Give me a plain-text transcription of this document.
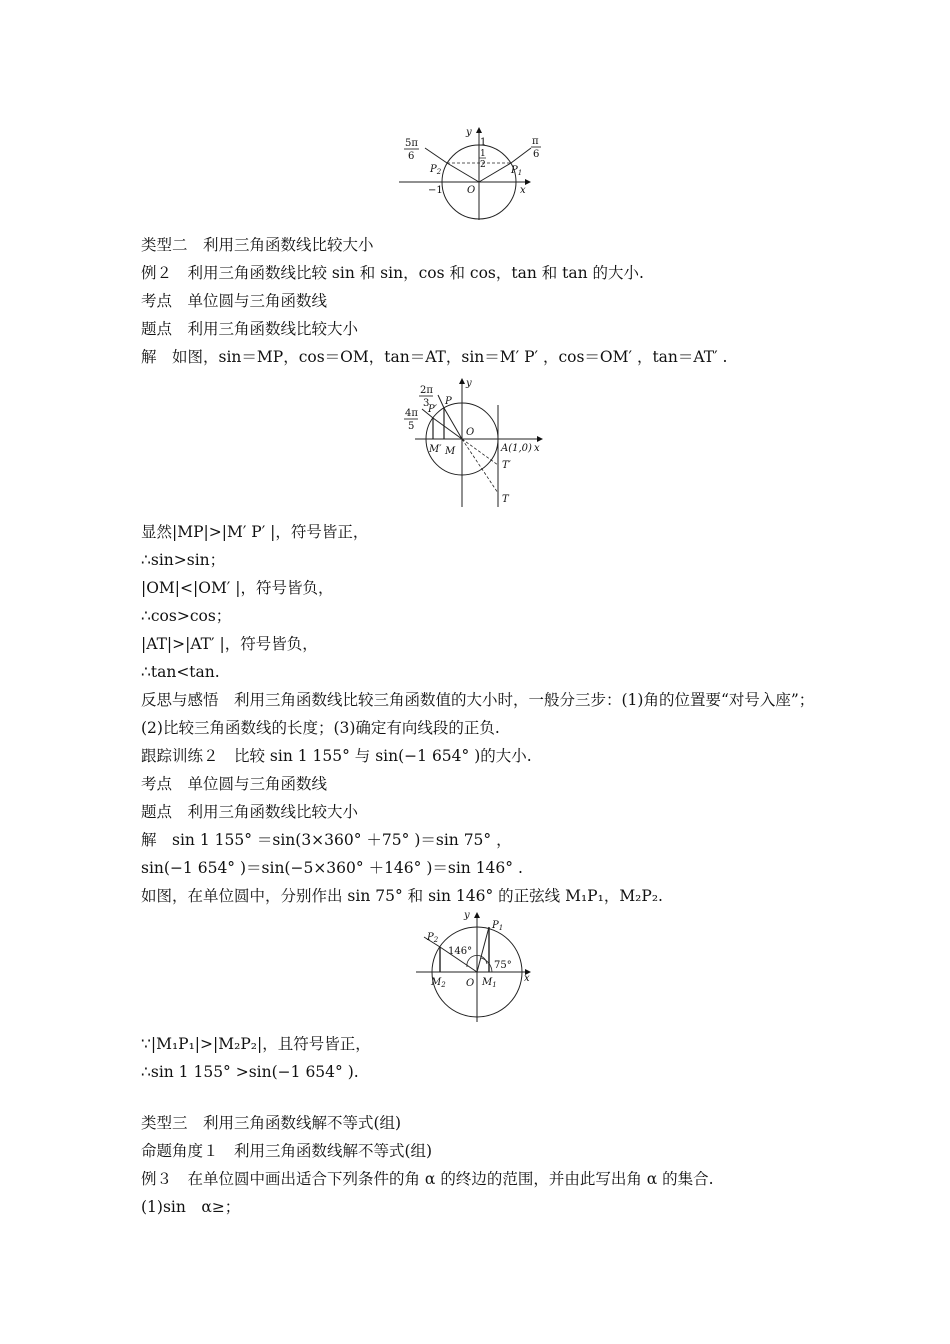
5π
6
π
6
1
1
2
$P_2$	$P_1$
−1 O	x
y
类型二　利用三角函数线比较大小
例２　利用三角函数线比较 sin 和 sin，cos 和 cos，tan 和 tan 的大小.
考点　单位圆与三角函数线
题点　利用三角函数线比较大小
解　如图，sin＝MP，cos＝OM，tan＝AT，sin＝M′ P′ ，cos＝OM′ ，tan＝AT′ .
2π
3
4π
5
P
P′
O
M′ M	A(1,0) x
y
T′
T
显然|MP|>|M′ P′ |，符号皆正，
∴sin>sin；
|OM|<|OM′ |，符号皆负，
∴cos>cos；
|AT|>|AT′ |，符号皆负，
∴tan<tan.
反思与感悟　利用三角函数线比较三角函数值的大小时，一般分三步：(1)角的位置要“对号入座”；(2)比较三角函数线的长度；(3)确定有向线段的正负.
跟踪训练２　比较 sin 1 155° 与 sin(−1 654° )的大小.
考点　单位圆与三角函数线
题点　利用三角函数线比较大小
解　sin 1 155° ＝sin(3×360° ＋75° )＝sin 75° ，
sin(−1 654° )＝sin(−5×360° ＋146° )＝sin 146° .
如图，在单位圆中，分别作出 sin 75° 和 sin 146° 的正弦线 M₁P₁，M₂P₂.
y
x
$P_2$
$P_1$
146°
75°
$M_2$ O $M_1$
∵|M₁P₁|>|M₂P₂|，且符号皆正，
∴sin 1 155° >sin(−1 654° ).
类型三　利用三角函数线解不等式(组)
命题角度１　利用三角函数线解不等式(组)
例３　在单位圆中画出适合下列条件的角 α 的终边的范围，并由此写出角 α 的集合.
(1)sin　α≥；
